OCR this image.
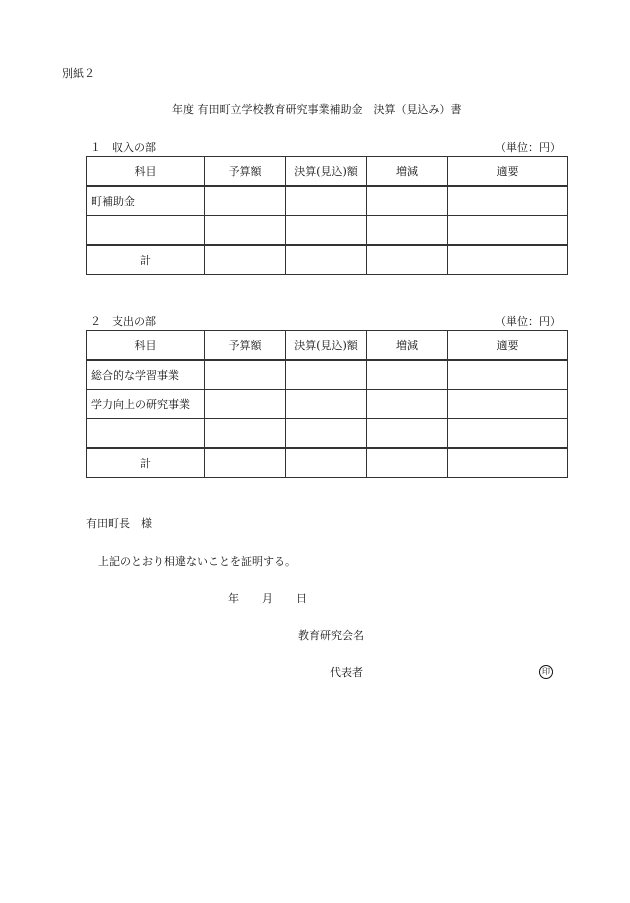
別紙２
年度 有田町立学校教育研究事業補助金　決算（見込み）書
１　収入の部	（単位：円）
科目	予算額	決算(見込)額	増減	適要
町補助金				

計				
２　支出の部	（単位：円）
科目	予算額	決算(見込)額	増減	適要
総合的な学習事業				
学力向上の研究事業				

計				
有田町長　様
上記のとおり相違ないことを証明する。
年 月 日
教育研究会名
代表者	印
